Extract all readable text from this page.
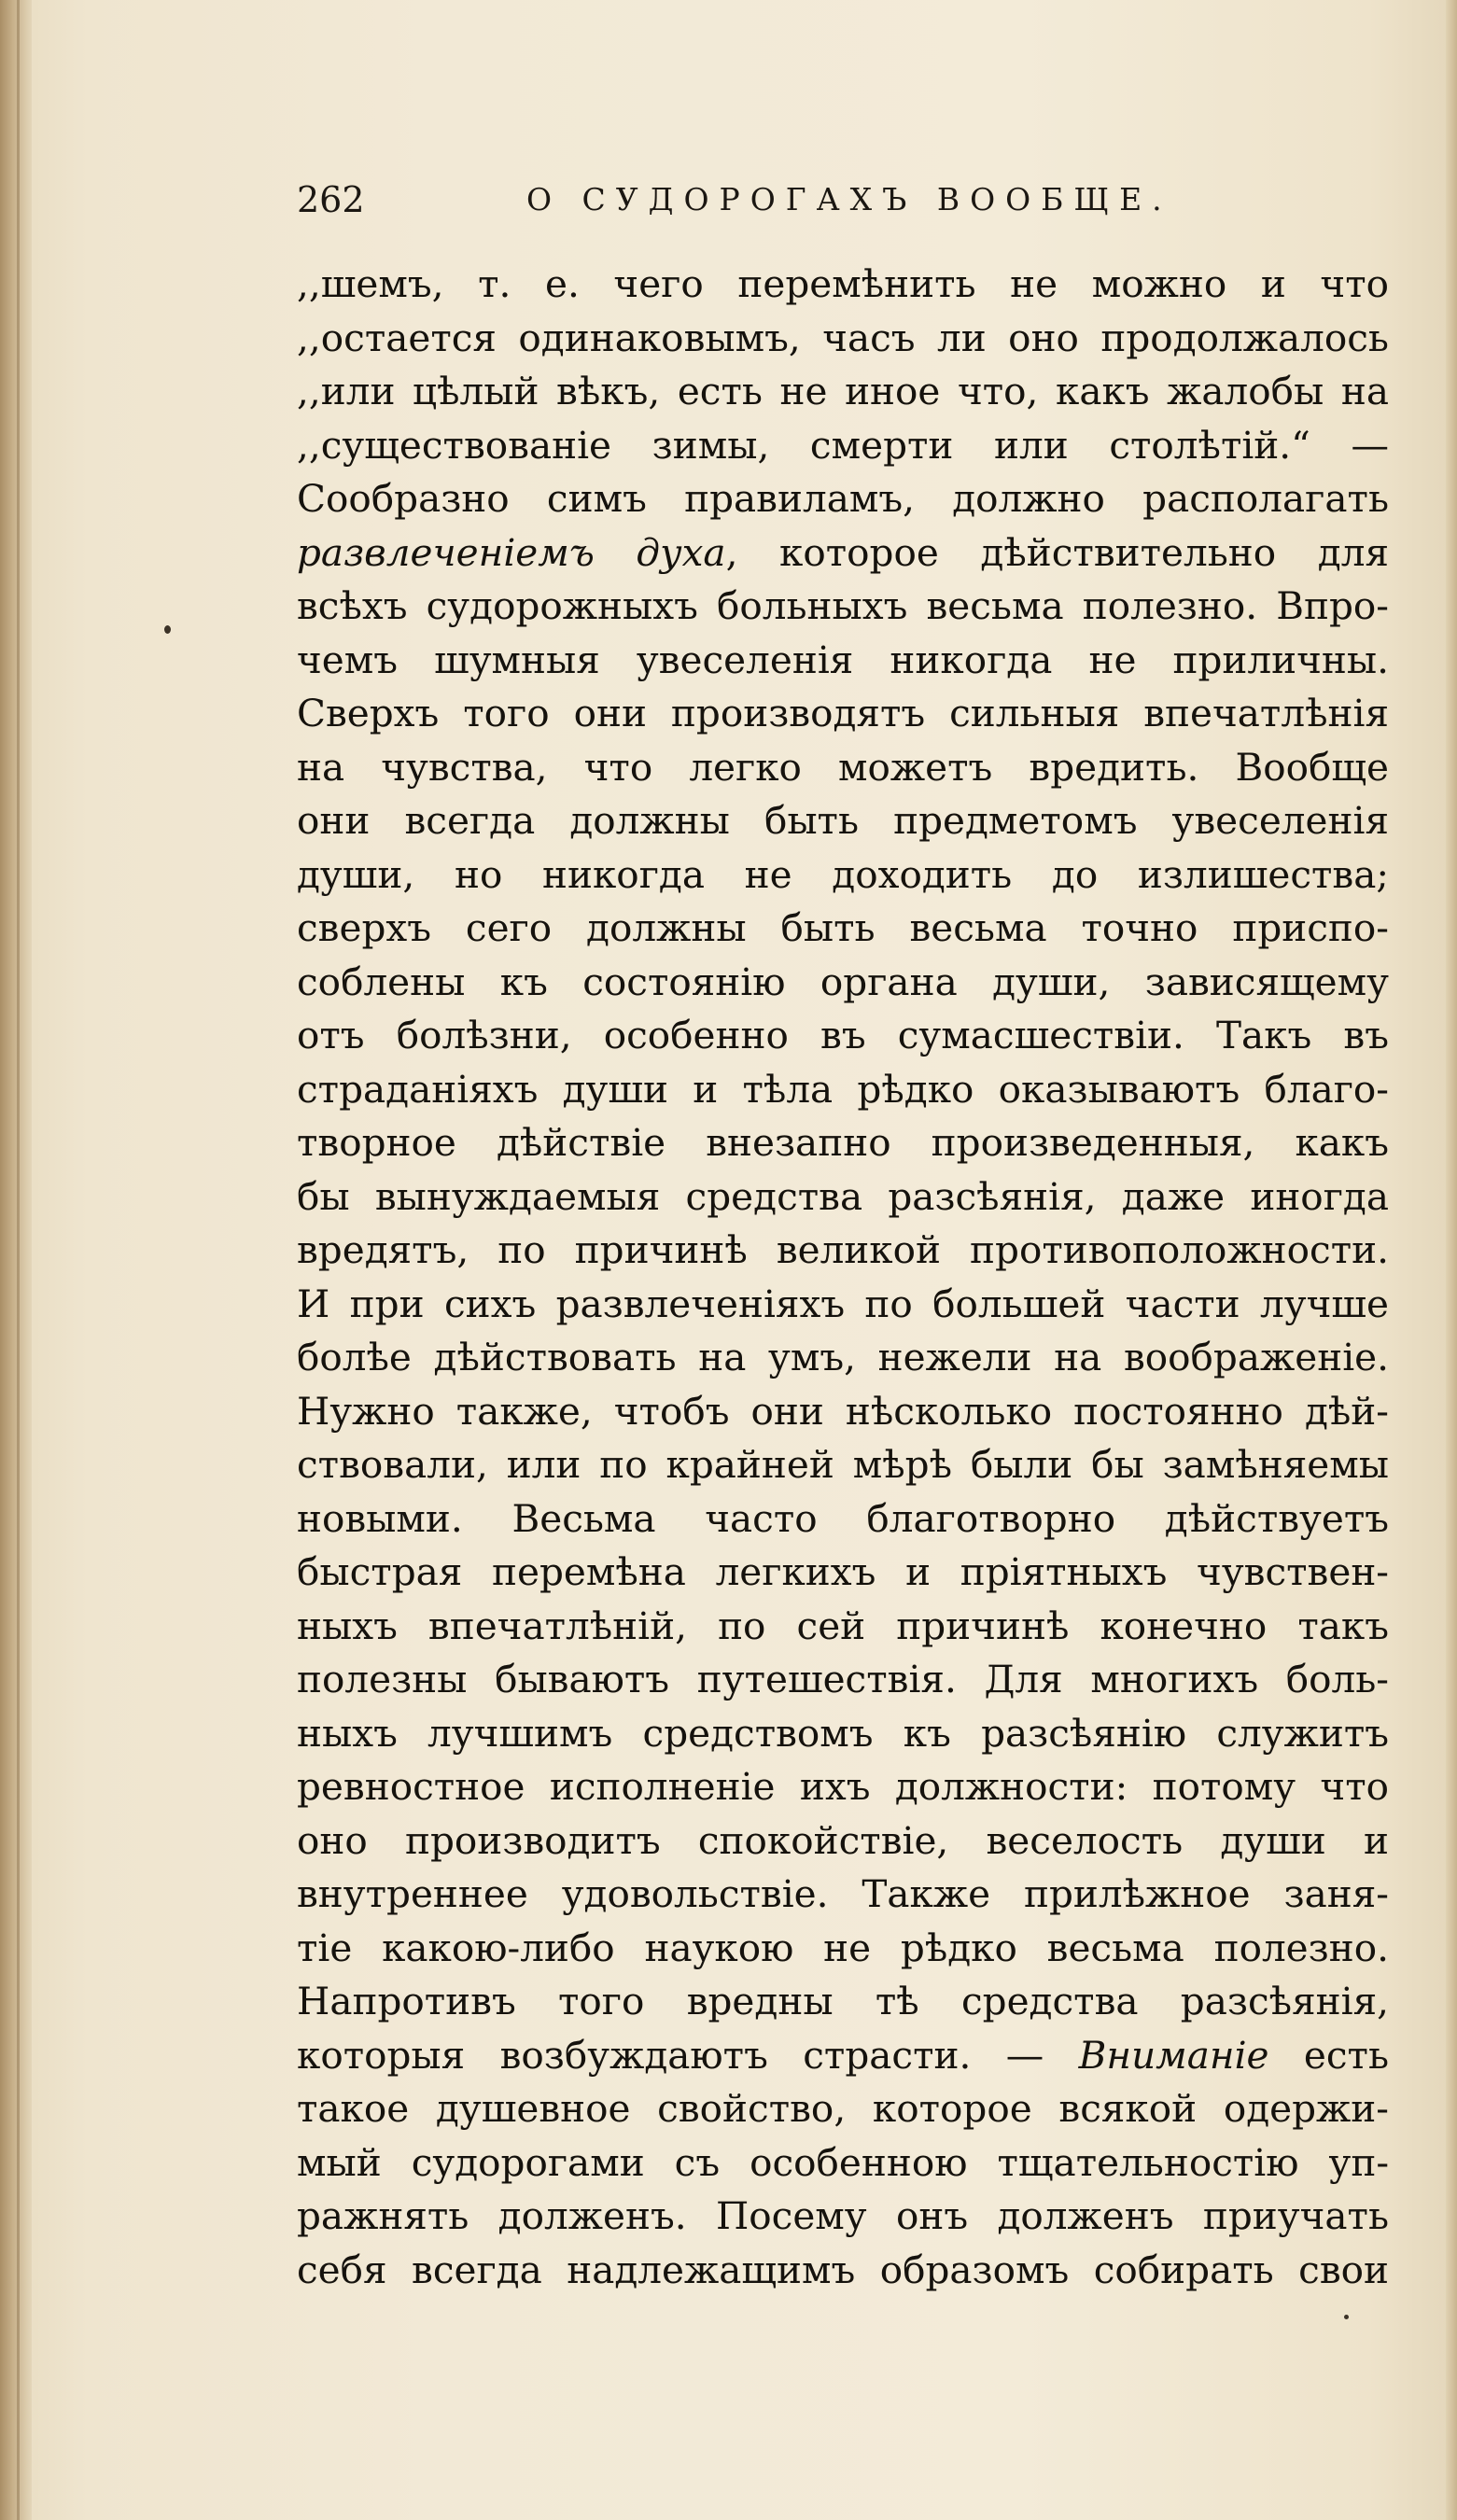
262	О СУДОРОГАХЪ ВООБЩЕ.
,,шемъ, т. е. чего перемѣнить не можно и что
,,остается одинаковымъ, часъ ли оно продолжалось
,,или цѣлый вѣкъ, есть не иное что, какъ жалобы на
,,существованіе зимы, смерти или столѣтій.“ —
Сообразно симъ правиламъ, должно располагать
развлеченіемъ духа, которое дѣйствительно для
всѣхъ судорожныхъ больныхъ весьма полезно. Впро-
чемъ шумныя увеселенія никогда не приличны.
Сверхъ того они производятъ сильныя впечатлѣнія
на чувства, что легко можетъ вредить. Вообще
они всегда должны быть предметомъ увеселенія
души, но никогда не доходить до излишества;
сверхъ сего должны быть весьма точно приспо-
соблены къ состоянію органа души, зависящему
отъ болѣзни, особенно въ сумасшествіи. Такъ въ
страданіяхъ души и тѣла рѣдко оказываютъ благо-
творное дѣйствіе внезапно произведенныя, какъ
бы вынуждаемыя средства разсѣянія, даже иногда
вредятъ, по причинѣ великой противоположности.
И при сихъ развлеченіяхъ по большей части лучше
болѣе дѣйствовать на умъ, нежели на воображеніе.
Нужно также, чтобъ они нѣсколько постоянно дѣй-
ствовали, или по крайней мѣрѣ были бы замѣняемы
новыми. Весьма часто благотворно дѣйствуетъ
быстрая перемѣна легкихъ и пріятныхъ чувствен-
ныхъ впечатлѣній, по сей причинѣ конечно такъ
полезны бываютъ путешествія. Для многихъ боль-
ныхъ лучшимъ средствомъ къ разсѣянію служитъ
ревностное исполненіе ихъ должности: потому что
оно производитъ спокойствіе, веселость души и
внутреннее удовольствіе. Также прилѣжное заня-
тіе какою-либо наукою не рѣдко весьма полезно.
Напротивъ того вредны тѣ средства разсѣянія,
которыя возбуждаютъ страсти. — Вниманіе есть
такое душевное свойство, которое всякой одержи-
мый судорогами съ особенною тщательностію уп-
ражнять долженъ. Посему онъ долженъ приучать
себя всегда надлежащимъ образомъ собирать свои
